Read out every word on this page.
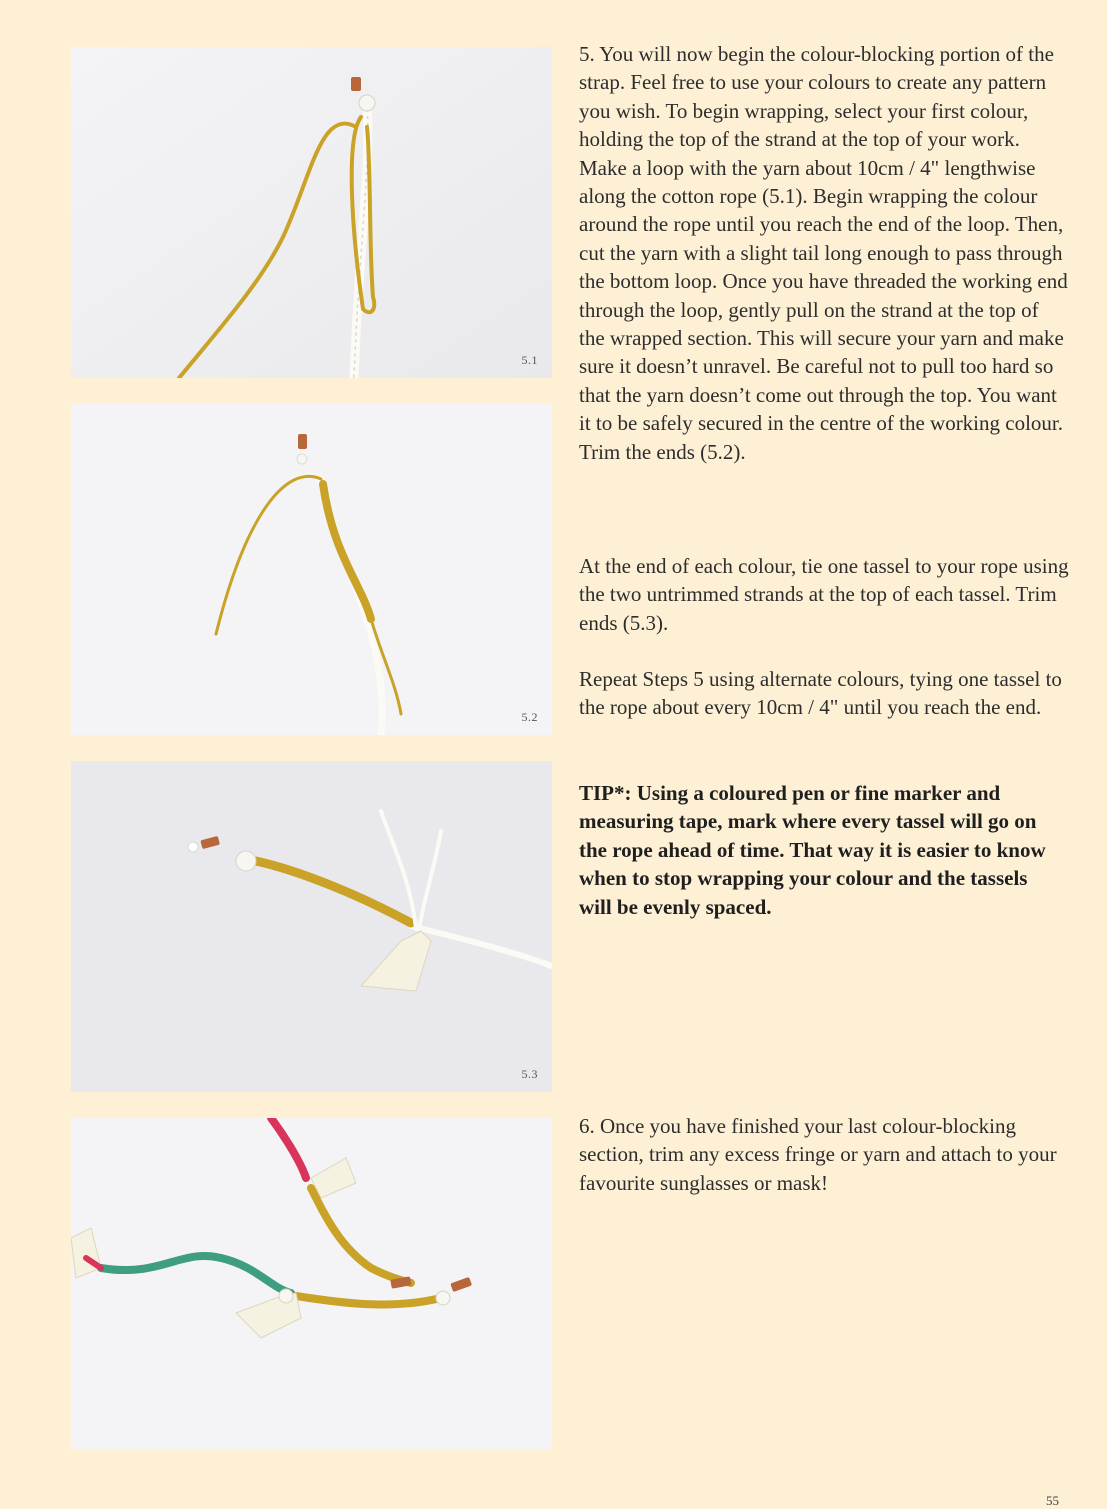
5.1
5.2
5.3

5. You will now begin the colour-blocking portion of the strap. Feel free to use your colours to create any pattern you wish. To begin wrapping, select your first colour, holding the top of the strand at the top of your work. Make a loop with the yarn about 10cm / 4" lengthwise along the cotton rope (5.1). Begin wrapping the colour around the rope until you reach the end of the loop. Then, cut the yarn with a slight tail long enough to pass through the bottom loop. Once you have threaded the working end through the loop, gently pull on the strand at the top of the wrapped section. This will secure your yarn and make sure it doesn’t unravel. Be careful not to pull too hard so that the yarn doesn’t come out through the top. You want it to be safely secured in the centre of the working colour. Trim the ends (5.2).

At the end of each colour, tie one tassel to your rope using the two untrimmed strands at the top of each tassel. Trim ends (5.3).

Repeat Steps 5 using alternate colours, tying one tassel to the rope about every 10cm / 4" until you reach the end.

TIP*: Using a coloured pen or fine marker and measuring tape, mark where every tassel will go on the rope ahead of time. That way it is easier to know when to stop wrapping your colour and the tassels will be evenly spaced.

6. Once you have finished your last colour-blocking section, trim any excess fringe or yarn and attach to your favourite sunglasses or mask!

55
